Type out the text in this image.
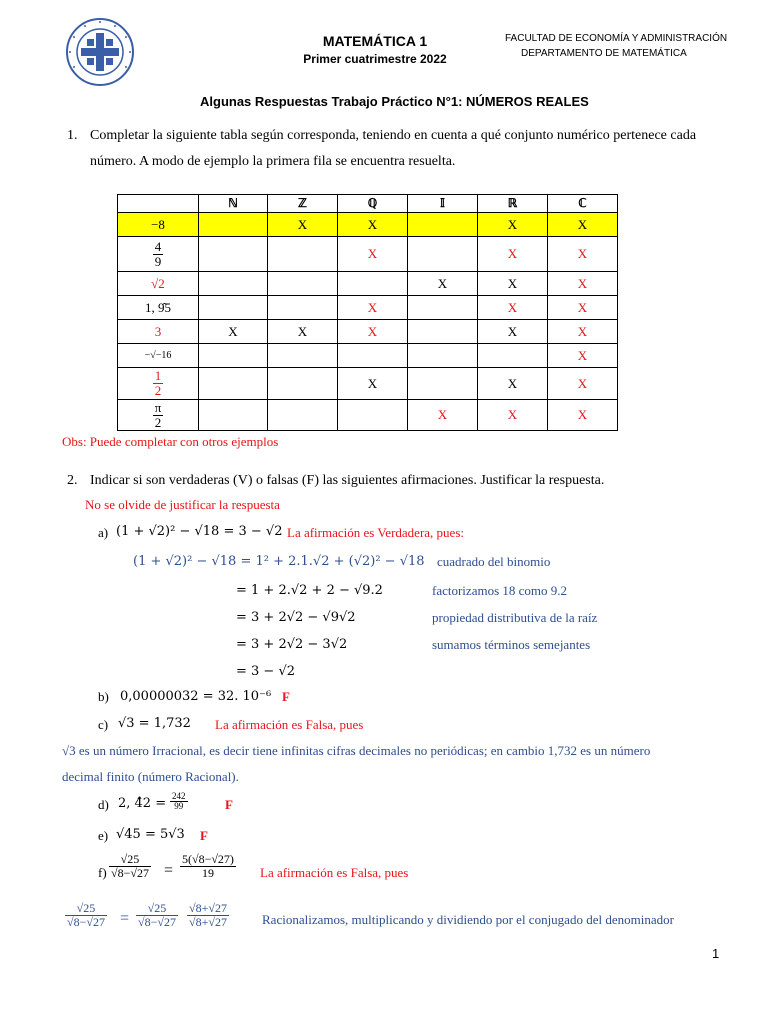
MATEMÁTICA 1
Primer cuatrimestre 2022
FACULTAD DE ECONOMÍA Y ADMINISTRACIÓN
DEPARTAMENTO DE MATEMÁTICA
Algunas Respuestas Trabajo Práctico N°1: NÚMEROS REALES
1. Completar la siguiente tabla según corresponda, teniendo en cuenta a qué conjunto numérico pertenece cada
número. A modo de ejemplo la primera fila se encuentra resuelta.
	ℕ	ℤ	ℚ	𝕀	ℝ	ℂ
−8		X	X		X	X

$\frac{4}{9}$			X		X	X
√2				X	X	X
1, 9̂5			X		X	X
3	X	X	X		X	X
−√−16						X

$\frac{1}{2}$			X		X	X

$\frac{\pi}{2}$				X	X	X
Obs: Puede completar con otros ejemplos
2. Indicar si son verdaderas (V) o falsas (F) las siguientes afirmaciones. Justificar la respuesta.
No se olvide de justificar la respuesta
a) (1 + √2)² − √18 = 3 − √2 La afirmación es Verdadera, pues:
(1 + √2)² − √18 = 1² + 2.1.√2 + (√2)² − √18 cuadrado del binomio
= 1 + 2.√2 + 2 − √9.2	factorizamos 18 como 9.2
= 3 + 2√2 − √9√2	propiedad distributiva de la raíz
= 3 + 2√2 − 3√2	sumamos términos semejantes
= 3 − √2
b) 0,00000032 = 32. 10⁻⁶ F
c) √3 = 1,732 La afirmación es Falsa, pues
√3 es un número Irracional, es decir tiene infinitas cifras decimales no periódicas; en cambio 1,732 es un número
decimal finito (número Racional).
d) 2, 4̂2 = $\frac{242}{99}$	F
e) √45 = 5√3 F
$f) \frac{√25}{√8-√27} = \frac{5(√8-√27)}{19}$ La afirmación es Falsa, pues
$\frac{√25}{√8-√27} = \frac{√25}{√8-√27} \frac{√8+√27}{√8+√27}$	Racionalizamos, multiplicando y dividiendo por el conjugado del denominador
1
